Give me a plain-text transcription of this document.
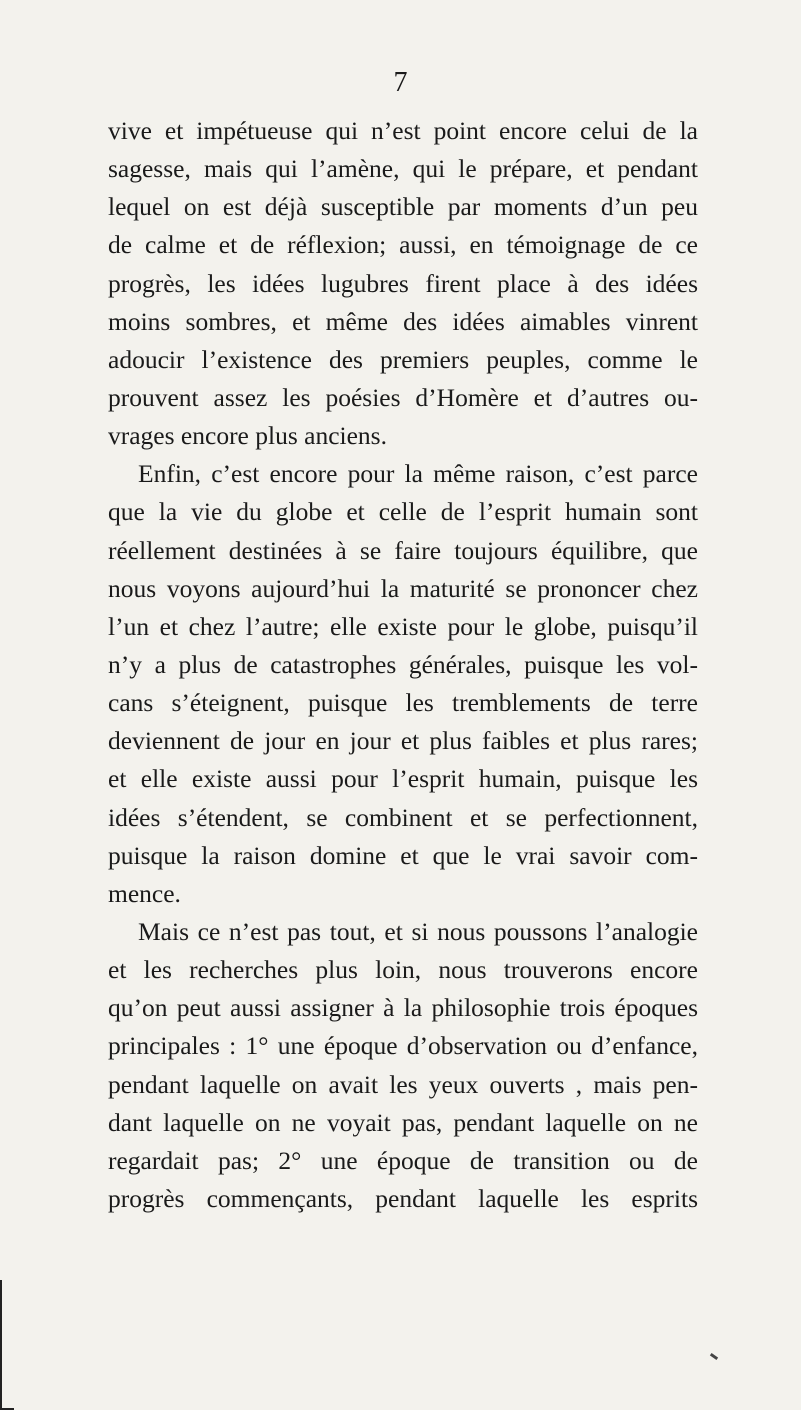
7
vive et impétueuse qui n’est point encore celui de la
sagesse, mais qui l’amène, qui le prépare, et pendant
lequel on est déjà susceptible par moments d’un peu
de calme et de réflexion; aussi, en témoignage de ce
progrès, les idées lugubres firent place à des idées
moins sombres, et même des idées aimables vinrent
adoucir l’existence des premiers peuples, comme le
prouvent assez les poésies d’Homère et d’autres ou-
vrages encore plus anciens.
Enfin, c’est encore pour la même raison, c’est parce
que la vie du globe et celle de l’esprit humain sont
réellement destinées à se faire toujours équilibre, que
nous voyons aujourd’hui la maturité se prononcer chez
l’un et chez l’autre; elle existe pour le globe, puisqu’il
n’y a plus de catastrophes générales, puisque les vol-
cans s’éteignent, puisque les tremblements de terre
deviennent de jour en jour et plus faibles et plus rares;
et elle existe aussi pour l’esprit humain, puisque les
idées s’étendent, se combinent et se perfectionnent,
puisque la raison domine et que le vrai savoir com-
mence.
Mais ce n’est pas tout, et si nous poussons l’analogie
et les recherches plus loin, nous trouverons encore
qu’on peut aussi assigner à la philosophie trois époques
principales : 1° une époque d’observation ou d’enfance,
pendant laquelle on avait les yeux ouverts , mais pen-
dant laquelle on ne voyait pas, pendant laquelle on ne
regardait pas; 2° une époque de transition ou de
progrès commençants, pendant laquelle les esprits
